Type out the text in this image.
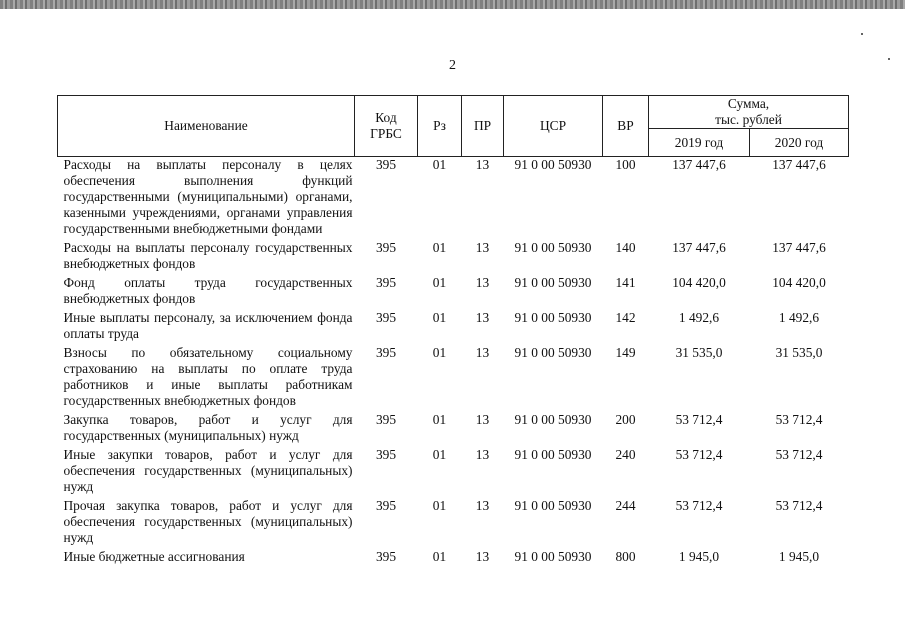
2
Наименование	Код ГРБС	Рз	ПР	ЦСР	ВР	Сумма,
тыс. рублей	

						2019 год	2020 год
Расходы на выплаты персоналу в целях обеспечения выполнения функций государственными (муниципальными) органами, казенными учреждениями, органами управления государственными внебюджетными фондами	395	01	13	91 0 00 50930	100	137 447,6	137 447,6
Расходы на выплаты персоналу государственных внебюджетных фондов	395	01	13	91 0 00 50930	140	137 447,6	137 447,6
Фонд оплаты труда государственных внебюджетных фондов	395	01	13	91 0 00 50930	141	104 420,0	104 420,0
Иные выплаты персоналу, за исключением фонда оплаты труда	395	01	13	91 0 00 50930	142	1 492,6	1 492,6
Взносы по обязательному социальному страхованию на выплаты по оплате труда работников и иные выплаты работникам государственных внебюджетных фондов	395	01	13	91 0 00 50930	149	31 535,0	31 535,0
Закупка товаров, работ и услуг для государственных (муниципальных) нужд	395	01	13	91 0 00 50930	200	53 712,4	53 712,4
Иные закупки товаров, работ и услуг для обеспечения государственных (муниципальных) нужд	395	01	13	91 0 00 50930	240	53 712,4	53 712,4
Прочая закупка товаров, работ и услуг для обеспечения государственных (муниципальных) нужд	395	01	13	91 0 00 50930	244	53 712,4	53 712,4
Иные бюджетные ассигнования	395	01	13	91 0 00 50930	800	1 945,0	1 945,0
